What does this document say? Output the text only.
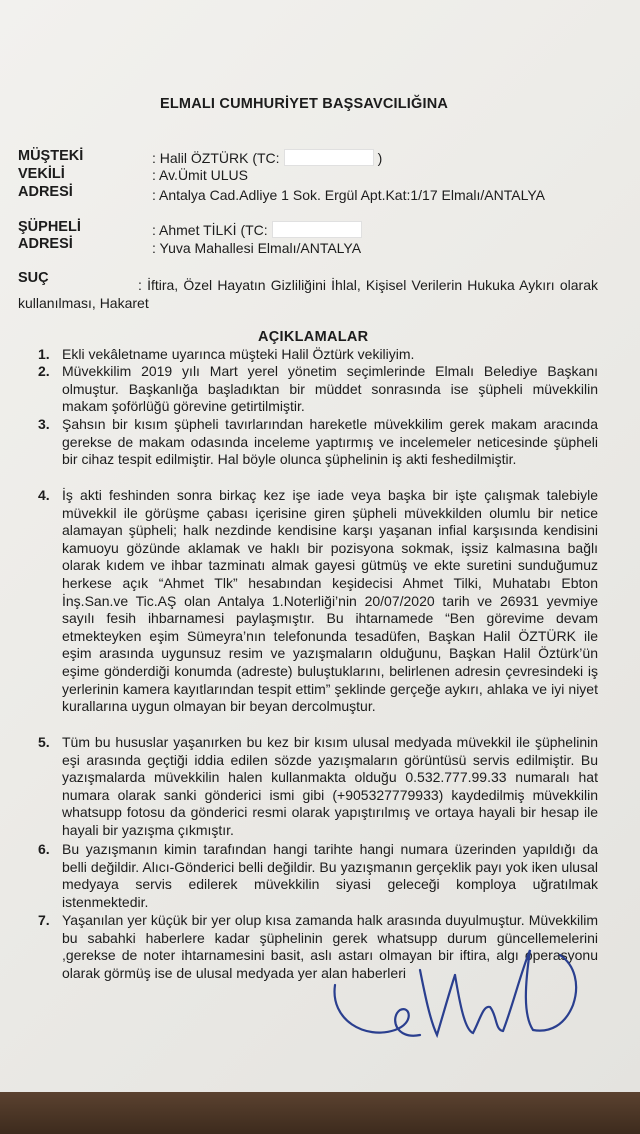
ELMALI CUMHURİYET BAŞSAVCILIĞINA
MÜŞTEKİ	: Halil ÖZTÜRK (TC:	)
VEKİLİ	: Av.Ümit ULUS
ADRESİ	: Antalya Cad.Adliye 1 Sok. Ergül Apt.Kat:1/17 Elmalı/ANTALYA
ŞÜPHELİ	: Ahmet TİLKİ (TC:
ADRESİ	: Yuva Mahallesi Elmalı/ANTALYA
SUÇ	: İftira, Özel Hayatın Gizliliğini İhlal, Kişisel Verilerin Hukuka Aykırı olarak kullanılması, Hakaret
AÇIKLAMALAR
1. Ekli vekâletname uyarınca müşteki Halil Öztürk vekiliyim.
2. Müvekkilim 2019 yılı Mart yerel yönetim seçimlerinde Elmalı Belediye Başkanı olmuştur. Başkanlığa başladıktan bir müddet sonrasında ise şüpheli müvekkilin makam şoförlüğü görevine getirtilmiştir.
3. Şahsın bir kısım şüpheli tavırlarından hareketle müvekkilim gerek makam aracında gerekse de makam odasında inceleme yaptırmış ve incelemeler neticesinde şüpheli bir cihaz tespit edilmiştir. Hal böyle olunca şüphelinin iş akti feshedilmiştir.
4. İş akti feshinden sonra birkaç kez işe iade veya başka bir işte çalışmak talebiyle müvekkil ile görüşme çabası içerisine giren şüpheli müvekkilden olumlu bir netice alamayan şüpheli; halk nezdinde kendisine karşı yaşanan infial karşısında kendisini kamuoyu gözünde aklamak ve haklı bir pozisyona sokmak, işsiz kalmasına bağlı olarak kıdem ve ihbar tazminatı almak gayesi gütmüş ve ekte suretini sunduğumuz herkese açık “Ahmet Tlk” hesabından keşidecisi Ahmet Tilki, Muhatabı Ebton İnş.San.ve Tic.AŞ olan Antalya 1.Noterliği’nin 20/07/2020 tarih ve 26931 yevmiye sayılı fesih ihbarnamesi paylaşmıştır. Bu ihtarnamede “Ben görevime devam etmekteyken eşim Sümeyra’nın telefonunda tesadüfen, Başkan Halil ÖZTÜRK ile eşim arasında uygunsuz resim ve yazışmaların olduğunu, Başkan Halil Öztürk’ün eşime gönderdiği konumda (adreste) buluştuklarını, belirlenen adresin çevresindeki iş yerlerinin kamera kayıtlarından tespit ettim” şeklinde gerçeğe aykırı, ahlaka ve iyi niyet kurallarına uygun olmayan bir beyan dercolmuştur.
5. Tüm bu hususlar yaşanırken bu kez bir kısım ulusal medyada müvekkil ile şüphelinin eşi arasında geçtiği iddia edilen sözde yazışmaların görüntüsü servis edilmiştir. Bu yazışmalarda müvekkilin halen kullanmakta olduğu 0.532.777.99.33 numaralı hat numara olarak sanki gönderici ismi gibi (+905327779933) kaydedilmiş müvekkilin whatsupp fotosu da gönderici resmi olarak yapıştırılmış ve ortaya hayali bir hesap ile hayali bir yazışma çıkmıştır.
6. Bu yazışmanın kimin tarafından hangi tarihte hangi numara üzerinden yapıldığı da belli değildir. Alıcı-Gönderici belli değildir. Bu yazışmanın gerçeklik payı yok iken ulusal medyaya servis edilerek müvekkilin siyasi geleceği komploya uğratılmak istenmektedir.
7. Yaşanılan yer küçük bir yer olup kısa zamanda halk arasında duyulmuştur. Müvekkilim bu sabahki haberlere kadar şüphelinin gerek whatsupp durum güncellemelerini ,gerekse de noter ihtarnamesini basit, aslı astarı olmayan bir iftira, algı operasyonu olarak görmüş ise de ulusal medyada yer alan haberleri
